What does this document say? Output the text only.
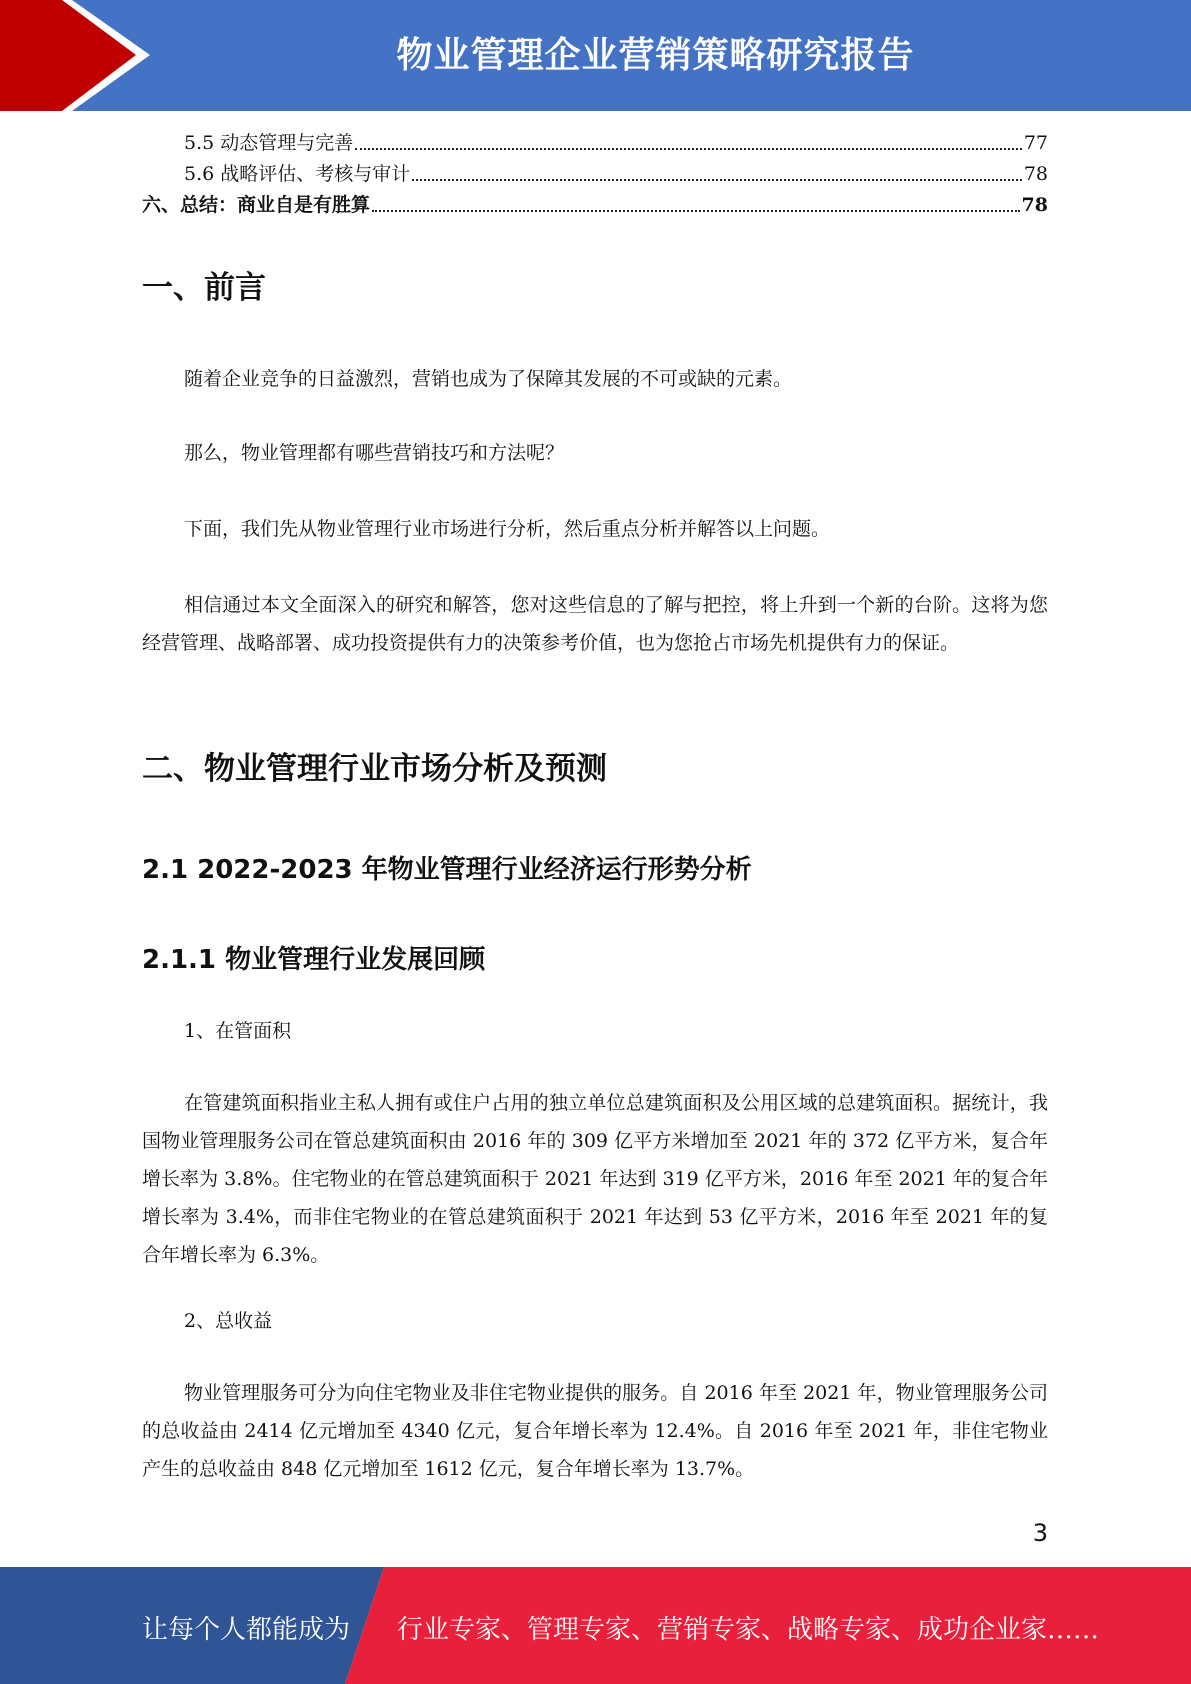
物业管理企业营销策略研究报告
5.5 动态管理与完善	77
5.6 战略评估、考核与审计	78
六、总结：商业自是有胜算	78
一、前言

随着企业竞争的日益激烈，营销也成为了保障其发展的不可或缺的元素。

那么，物业管理都有哪些营销技巧和方法呢？

下面，我们先从物业管理行业市场进行分析，然后重点分析并解答以上问题。

相信通过本文全面深入的研究和解答，您对这些信息的了解与把控，将上升到一个新的台阶。这将为您经营管理、战略部署、成功投资提供有力的决策参考价值，也为您抢占市场先机提供有力的保证。

二、物业管理行业市场分析及预测
2.1 2022-2023 年物业管理行业经济运行形势分析
2.1.1 物业管理行业发展回顾

1、在管面积

在管建筑面积指业主私人拥有或住户占用的独立单位总建筑面积及公用区域的总建筑面积。据统计，我国物业管理服务公司在管总建筑面积由 2016 年的 309 亿平方米增加至 2021 年的 372 亿平方米，复合年增长率为 3.8%。住宅物业的在管总建筑面积于 2021 年达到 319 亿平方米，2016 年至 2021 年的复合年增长率为 3.4%，而非住宅物业的在管总建筑面积于 2021 年达到 53 亿平方米，2016 年至 2021 年的复合年增长率为 6.3%。

2、总收益

物业管理服务可分为向住宅物业及非住宅物业提供的服务。自 2016 年至 2021 年，物业管理服务公司的总收益由 2414 亿元增加至 4340 亿元，复合年增长率为 12.4%。自 2016 年至 2021 年，非住宅物业产生的总收益由 848 亿元增加至 1612 亿元，复合年增长率为 13.7%。

3
让每个人都能成为 行业专家、管理专家、营销专家、战略专家、成功企业家……
